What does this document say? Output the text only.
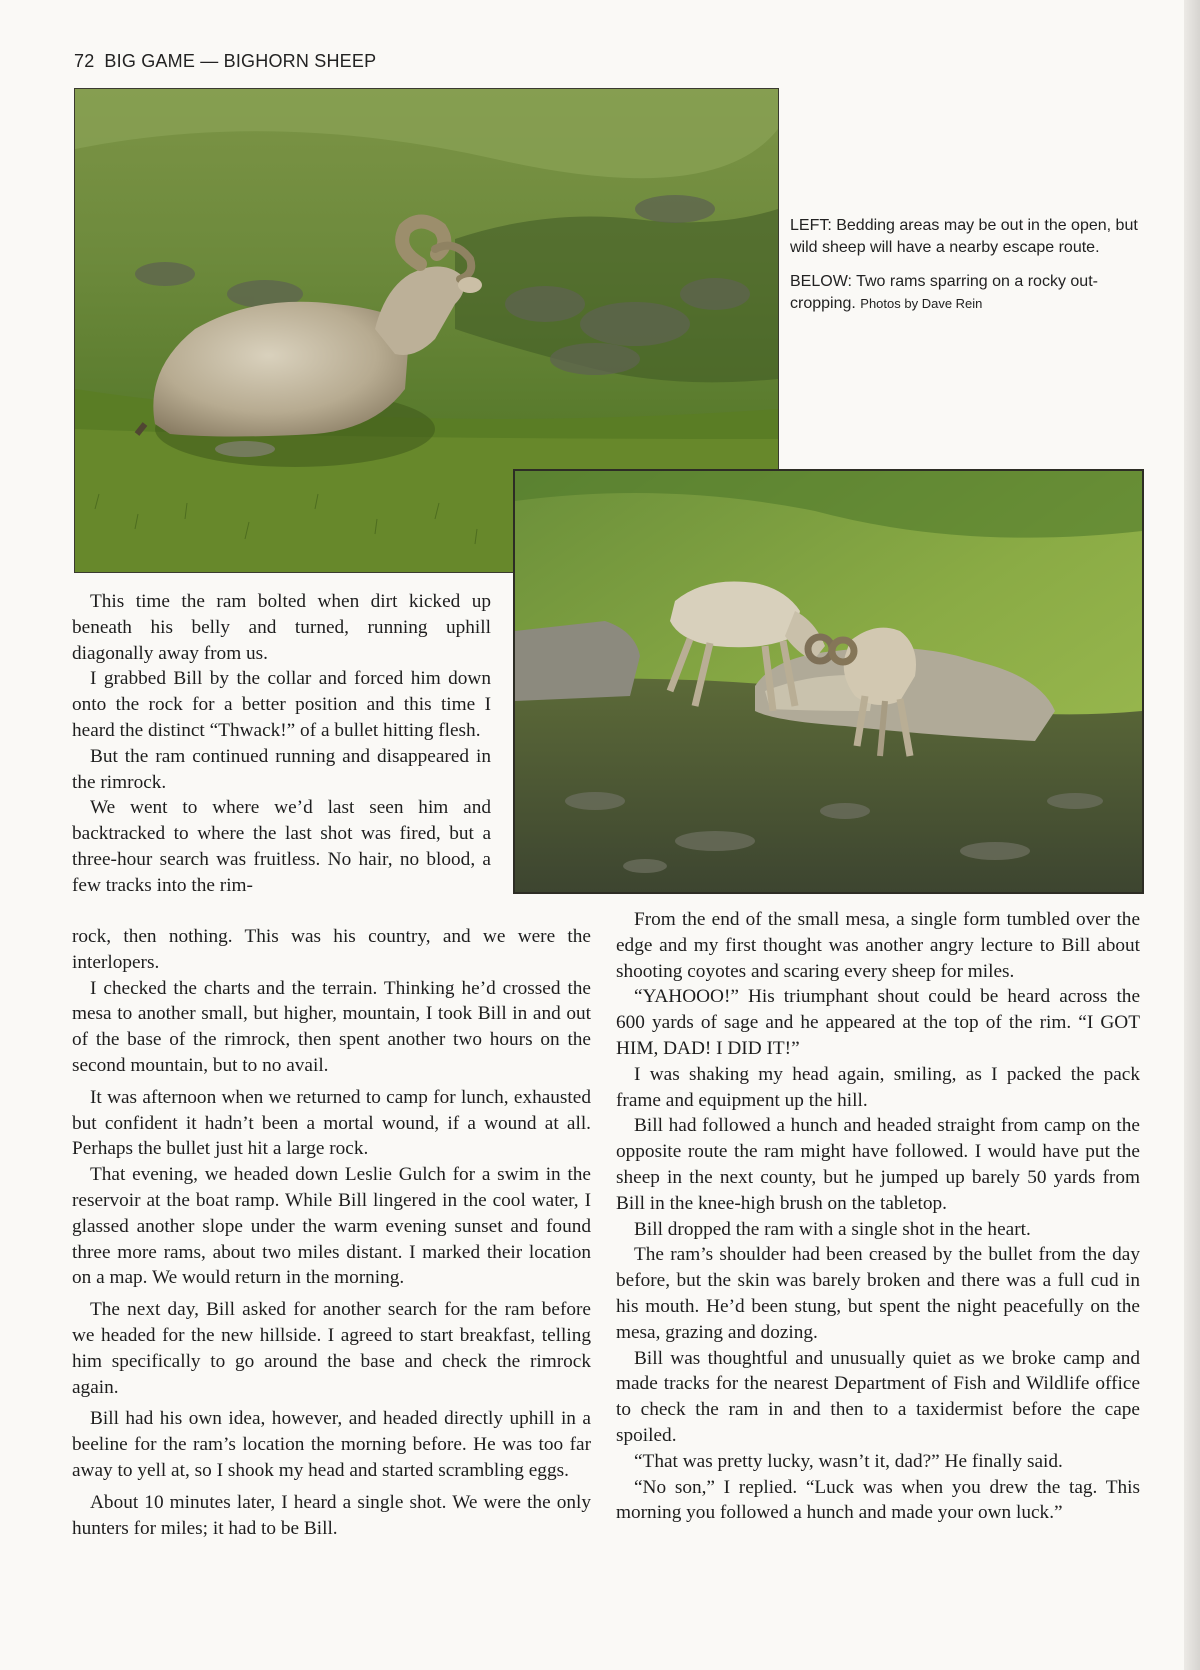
72 BIG GAME — BIGHORN SHEEP

LEFT: Bedding areas may be out in the open, but wild sheep will have a nearby escape route.

BELOW: Two rams sparring on a rocky out-cropping. Photos by Dave Rein

This time the ram bolted when dirt kicked up beneath his belly and turned, running uphill diagonally away from us.

I grabbed Bill by the collar and forced him down onto the rock for a better position and this time I heard the distinct “Thwack!” of a bullet hitting flesh.

But the ram continued running and disappeared in the rimrock.

We went to where we’d last seen him and backtracked to where the last shot was fired, but a three-hour search was fruitless. No hair, no blood, a few tracks into the rim-

rock, then nothing. This was his country, and we were the interlopers.

I checked the charts and the terrain. Thinking he’d crossed the mesa to another small, but higher, mountain, I took Bill in and out of the base of the rimrock, then spent another two hours on the second mountain, but to no avail.

It was afternoon when we returned to camp for lunch, exhausted but confident it hadn’t been a mortal wound, if a wound at all. Perhaps the bullet just hit a large rock.

That evening, we headed down Leslie Gulch for a swim in the reservoir at the boat ramp. While Bill lingered in the cool water, I glassed another slope under the warm evening sunset and found three more rams, about two miles distant. I marked their location on a map. We would return in the morning.

The next day, Bill asked for another search for the ram before we headed for the new hillside. I agreed to start breakfast, telling him specifically to go around the base and check the rimrock again.

Bill had his own idea, however, and headed directly uphill in a beeline for the ram’s location the morning before. He was too far away to yell at, so I shook my head and started scrambling eggs.

About 10 minutes later, I heard a single shot. We were the only hunters for miles; it had to be Bill.

From the end of the small mesa, a single form tumbled over the edge and my first thought was another angry lecture to Bill about shooting coyotes and scaring every sheep for miles.

“YAHOOO!” His triumphant shout could be heard across the 600 yards of sage and he appeared at the top of the rim. “I GOT HIM, DAD! I DID IT!”

I was shaking my head again, smiling, as I packed the pack frame and equipment up the hill.

Bill had followed a hunch and headed straight from camp on the opposite route the ram might have followed. I would have put the sheep in the next county, but he jumped up barely 50 yards from Bill in the knee-high brush on the tabletop.

Bill dropped the ram with a single shot in the heart.

The ram’s shoulder had been creased by the bullet from the day before, but the skin was barely broken and there was a full cud in his mouth. He’d been stung, but spent the night peacefully on the mesa, grazing and dozing.

Bill was thoughtful and unusually quiet as we broke camp and made tracks for the nearest Department of Fish and Wildlife office to check the ram in and then to a taxidermist before the cape spoiled.

“That was pretty lucky, wasn’t it, dad?” He finally said.

“No son,” I replied. “Luck was when you drew the tag. This morning you followed a hunch and made your own luck.”
